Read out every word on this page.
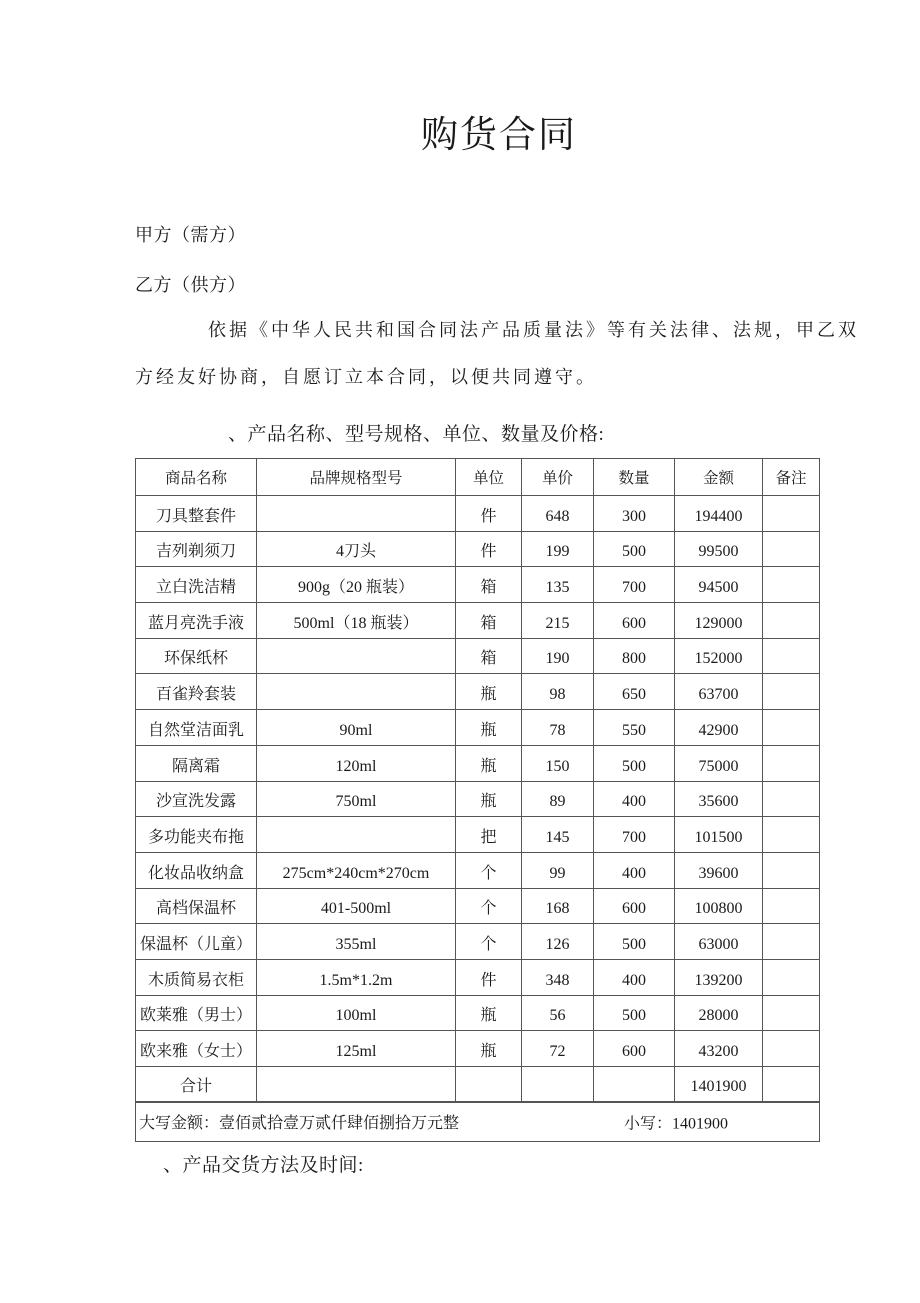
购货合同
甲方（需方）
乙方（供方）
依据《中华人民共和国合同法产品质量法》等有关法律、法规，甲乙双
方经友好协商，自愿订立本合同，以便共同遵守。
、产品名称、型号规格、单位、数量及价格:
商品名称	品牌规格型号	单位	单价	数量	金额	备注
刀具整套件		件	648	300	194400	
吉列剃须刀	4刀头	件	199	500	99500	
立白洗洁精	900g（20 瓶装）	箱	135	700	94500	
蓝月亮洗手液	500ml（18 瓶装）	箱	215	600	129000	
环保纸杯		箱	190	800	152000	
百雀羚套装		瓶	98	650	63700	
自然堂洁面乳	90ml	瓶	78	550	42900	
隔离霜	120ml	瓶	150	500	75000	
沙宣洗发露	750ml	瓶	89	400	35600	
多功能夹布拖		把	145	700	101500	
化妆品收纳盒	275cm*240cm*270cm	个	99	400	39600	
高档保温杯	401-500ml	个	168	600	100800	
保温杯（儿童）	355ml	个	126	500	63000	
木质简易衣柜	1.5m*1.2m	件	348	400	139200	
欧莱雅（男士）	100ml	瓶	56	500	28000	
欧来雅（女士）	125ml	瓶	72	600	43200	
合计					1401900	
大写金额：壹佰贰拾壹万贰仟肆佰捌拾万元整 小写：1401900						
、产品交货方法及时间:
